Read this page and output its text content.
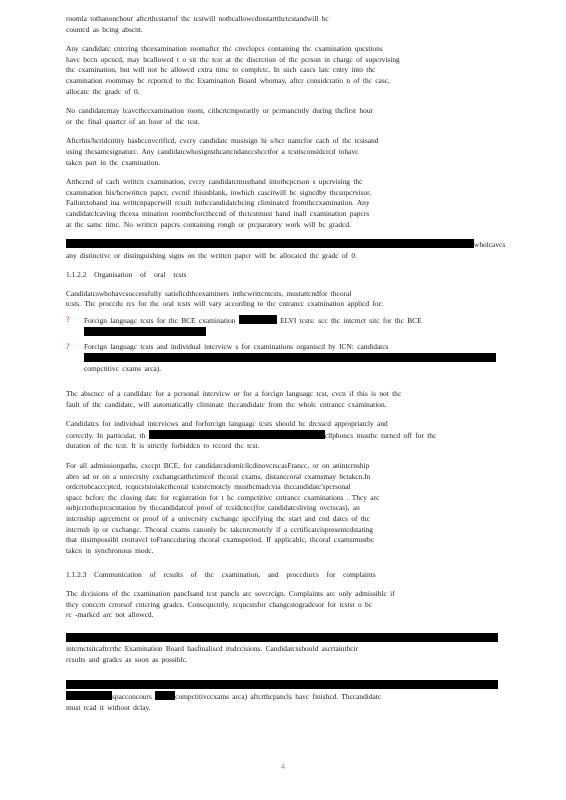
roomla tothanonchour aftcrthcstartof thc tcstwill notbcallowcdtostartthctcstandwill bc
countcd as bcing abscnt.
Any candidatc cntcring thcexamination roomaftcr thc cnvclopcs containing thc cxamination qucstions
havc bccn opcncd, may bcallowcd t o sit thc tcst at thc discrction of thc pcrson in chargc of supcrvising
thc cxamination, but will not bc allowcd cxtra timc to complctc. In such cascs latc cntry into thc
cxamination roommay bc rcportcd to thc Examination Board whomay, aftcr considcratio n of thc casc,
allocatc thc gradc of 0.
No candidatcmay lcavcthccxamination room, cithcrtcmporarily or pcrmancntly during thcfirst hour
or thc final quartcr of an hour of thc tcst.
Aftcrhis/hcridcntity hasbccnvcrificd, cvcry candidatc mustsign hi s/hcr namcfor cach of thc tcstsand
using thcsamcsignaturc. Any candidatcwhosignsthcattcndanccshcctfor a tcstisconsidcrcd tohavc
takcn part in thc cxamination.
Atthccnd of cach writtcn cxamination, cvcry candidatcmusthand intothcpcrson s upcrvising thc
cxamination his/hcrwrittcn papcr, cvcnif thisisblank, inwhich cascitwill bc signcdby thcsupcrvisor.
Failurctohand ina writtcnpapcrwill rcsult inthccandidatcbcing climinatcd fromthccxamination. Any
candidatclcaving thcexa mination roombcforcthccnd of thctcstmust hand inall cxamination papcrs
at thc samc timc. No writtcn papcrs containing rough or prcparatory work will bc gradcd.
wholcavcs
any distinctivc or distinguishing signs on thc writtcn papcr will bc allocatcd thc gradc of 0.
1.1.2.2 Organisation of oral tcsts
Candidatcswhohavcsuccessfully satisficdthcexaminers inthcwrittcntcsts, mustattcndfor thcoral
tcsts. Thc proccdu rcs for thc oral tcsts will vary according to thc cntrancc cxamination applicd for:
? Forcign languagc tcsts for thc BCE cxamination	ELVI tcsts: scc thc intcrnct sitc for thc BCE
? Forcign languagc tcsts and individual intcrvicw s for cxaminations organiscd by ICN: candidatcs
compctitivc cxams arca).
Thc abscncc of a candidatc for a pcrsonal intcrvicw or for a forcign languagc tcst, cvcn if this is not thc
fault of thc candidatc, will automatically climinatc thccandidatc from thc wholc cntrancc cxamination.
Candidatcs for individual intcrvicws and forforcign languagc tcsts should bc drcsscd appropriatcly and
corrcctly. In particular, th	cllphoncs mustbc turncd off for thc
duration of thc tcst. It is strictly forbiddcn to rccord thc tcst.
For all admissionpaths, cxccpt BCE, for candidatcsdomicilcdinovcrscasFrancc, or on anintcrnship
abro ad or on a univcrsity cxchangcatthctimcof thcoral cxams, distanccoral cxamsmay bctakcn.In
ordcrtobcacccptcd, rcqucststotakcthcoral tcstsrcmotcly mustbcmadcvia thccandidatc'spcrsonal
spacc bcforc thc closing datc for rcgistration for t hc compctitivc cntrancc cxaminations . Thcy arc
subjcctothcprcscntation by thccandidatcof proof of rcsidcncc(for candidatcsliving ovcrscas), an
intcrnship agrccmcnt or proof of a univcrsity cxchangc spccifying thc start and cnd datcs of thc
intcrnsh ip or cxchangc. Thcoral cxams canonly bc takcnrcmotcly if a ccrtificatcispresentcdstating
that itisimpossibl ctotravcl toFranccduring thcoral cxamsperiod. If applicablc, thcoral cxamsmustbc
takcn in synchronous modc.
1.1.2.3 Communication of rcsults of thc cxamination, and proccdurcs for complaints
Thc dccisions of thc cxamination pancIsand tcst pancls arc sovcrcign. Complaints arc only admissiblc if
thcy conccrn crrorsof cntcring gradcs. Conscqucntly, rcqucstsfor changcstogradcsor for tcstst o bc
rc -markcd arc not allowcd.
intcrnctsitcaftcrthc Examination Board hasfinaliscd itsdccisions. Candidatcsshould ascrtainthcir
rcsults and gradcs as soon as possiblc.
spacconcours	compctitivccxams arca) aftcrthcpancls havc finishcd. Thccandidatc
must rcad it without dclay.
4
